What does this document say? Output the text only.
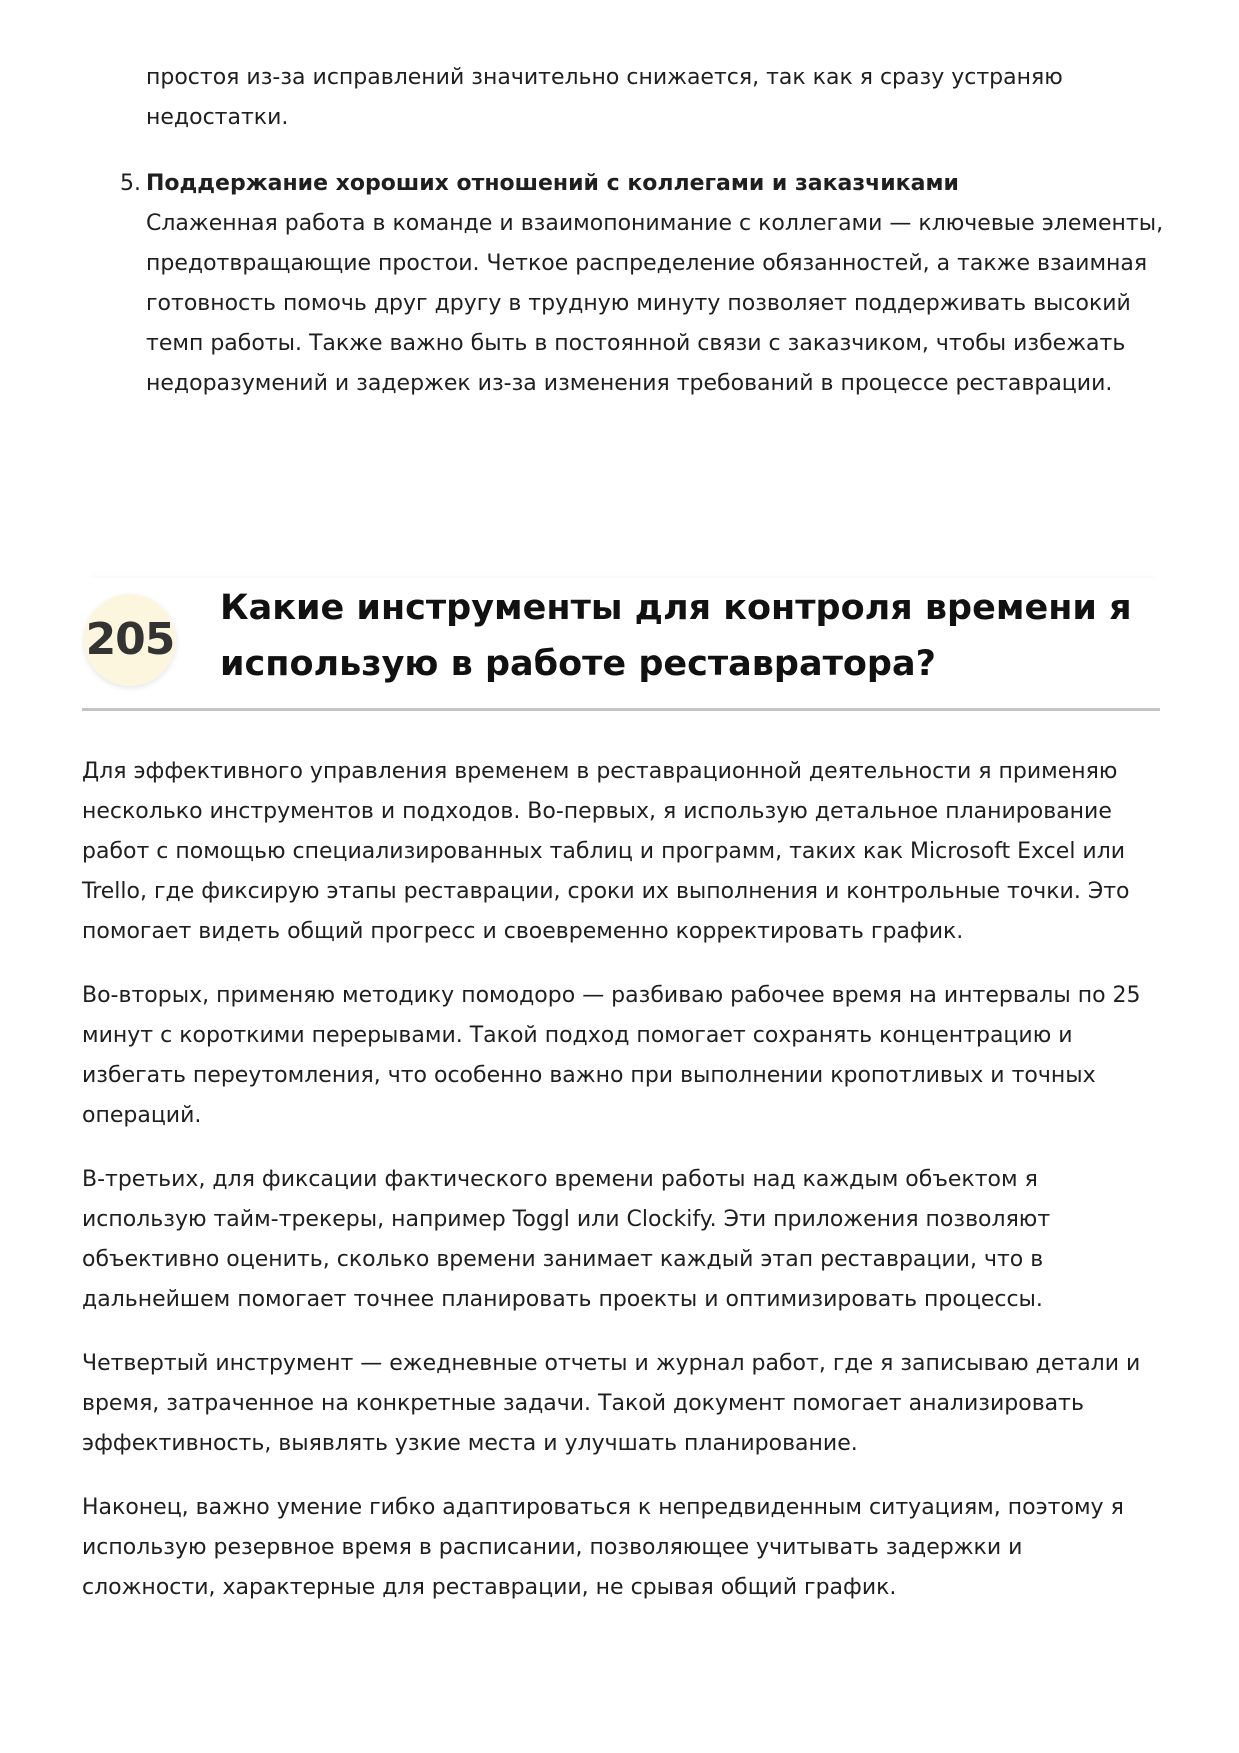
простоя из-за исправлений значительно снижается, так как я сразу устраняю недостатки.

5. Поддержание хороших отношений с коллегами и заказчиками
Слаженная работа в команде и взаимопонимание с коллегами — ключевые элементы, предотвращающие простои. Четкое распределение обязанностей, а также взаимная готовность помочь друг другу в трудную минуту позволяет поддерживать высокий темп работы. Также важно быть в постоянной связи с заказчиком, чтобы избежать недоразумений и задержек из-за изменения требований в процессе реставрации.
205
Какие инструменты для контроля времени я использую в работе реставратора?

Для эффективного управления временем в реставрационной деятельности я применяю несколько инструментов и подходов. Во-первых, я использую детальное планирование работ с помощью специализированных таблиц и программ, таких как Microsoft Excel или Trello, где фиксирую этапы реставрации, сроки их выполнения и контрольные точки. Это помогает видеть общий прогресс и своевременно корректировать график.

Во-вторых, применяю методику помодоро — разбиваю рабочее время на интервалы по 25 минут с короткими перерывами. Такой подход помогает сохранять концентрацию и избегать переутомления, что особенно важно при выполнении кропотливых и точных операций.

В-третьих, для фиксации фактического времени работы над каждым объектом я использую тайм-трекеры, например Toggl или Clockify. Эти приложения позволяют объективно оценить, сколько времени занимает каждый этап реставрации, что в дальнейшем помогает точнее планировать проекты и оптимизировать процессы.

Четвертый инструмент — ежедневные отчеты и журнал работ, где я записываю детали и время, затраченное на конкретные задачи. Такой документ помогает анализировать эффективность, выявлять узкие места и улучшать планирование.

Наконец, важно умение гибко адаптироваться к непредвиденным ситуациям, поэтому я использую резервное время в расписании, позволяющее учитывать задержки и сложности, характерные для реставрации, не срывая общий график.
